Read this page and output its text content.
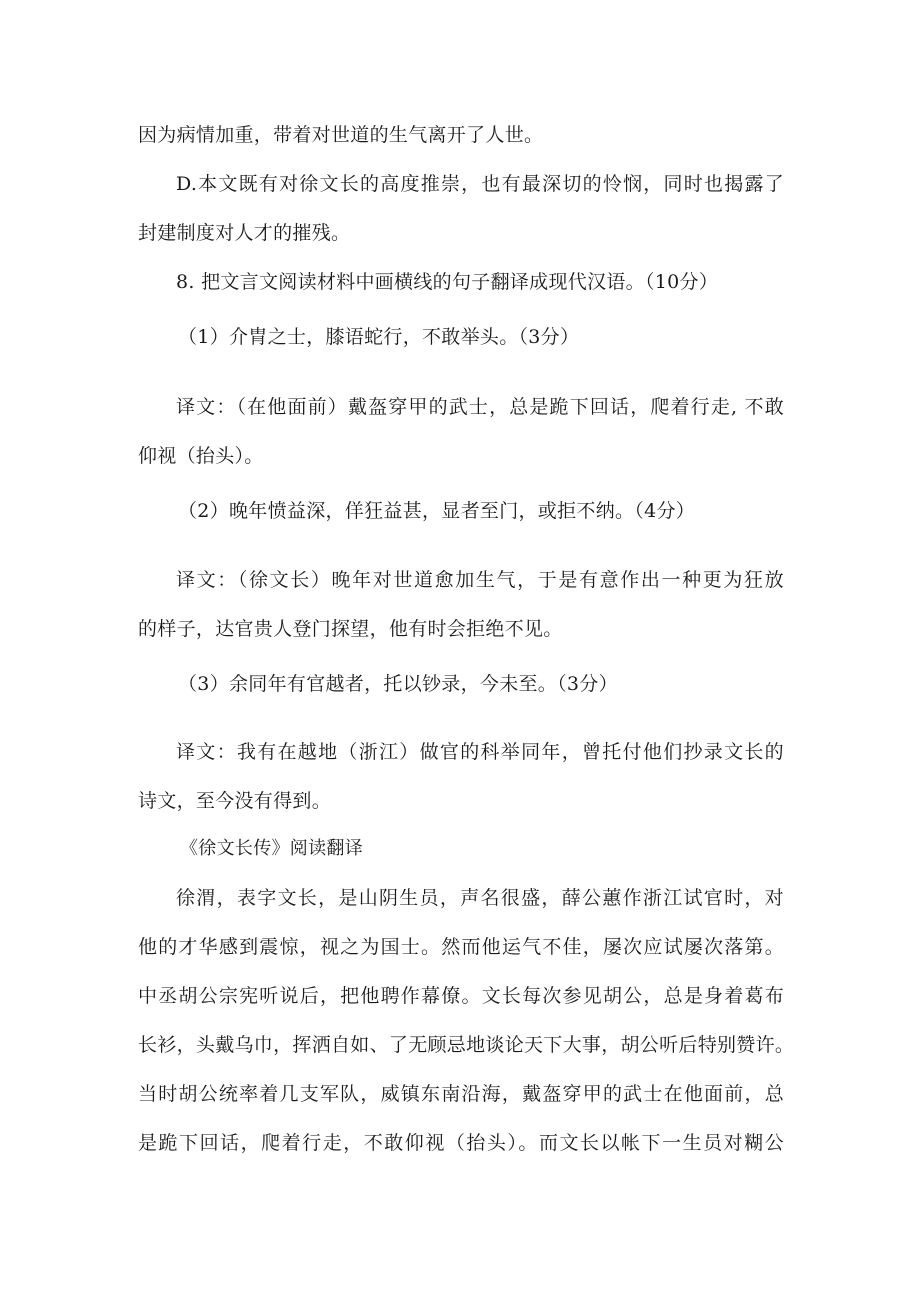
因为病情加重，带着对世道的生气离开了人世。
D.本文既有对徐文长的高度推崇，也有最深切的怜悯，同时也揭露了
封建制度对人才的摧残。
8. 把文言文阅读材料中画横线的句子翻译成现代汉语。（10分）
（1）介胄之士，膝语蛇行，不敢举头。（3分）
译文：（在他面前）戴盔穿甲的武士，总是跪下回话，爬着行走, 不敢
仰视（抬头）。
（2）晚年愤益深，佯狂益甚，显者至门，或拒不纳。（4分）
译文：（徐文长）晚年对世道愈加生气，于是有意作出一种更为狂放
的样子，达官贵人登门探望，他有时会拒绝不见。
（3）余同年有官越者，托以钞录，今未至。（3分）
译文：我有在越地（浙江）做官的科举同年，曾托付他们抄录文长的
诗文，至今没有得到。
《徐文长传》阅读翻译
徐渭，表字文长，是山阴生员，声名很盛，薛公蕙作浙江试官时，对
他的才华感到震惊，视之为国士。然而他运气不佳，屡次应试屡次落第。
中丞胡公宗宪听说后，把他聘作幕僚。文长每次参见胡公，总是身着葛布
长衫，头戴乌巾，挥洒自如、了无顾忌地谈论天下大事，胡公听后特别赞许。
当时胡公统率着几支军队，威镇东南沿海，戴盔穿甲的武士在他面前，总
是跪下回话，爬着行走，不敢仰视（抬头）。而文长以帐下一生员对糊公
